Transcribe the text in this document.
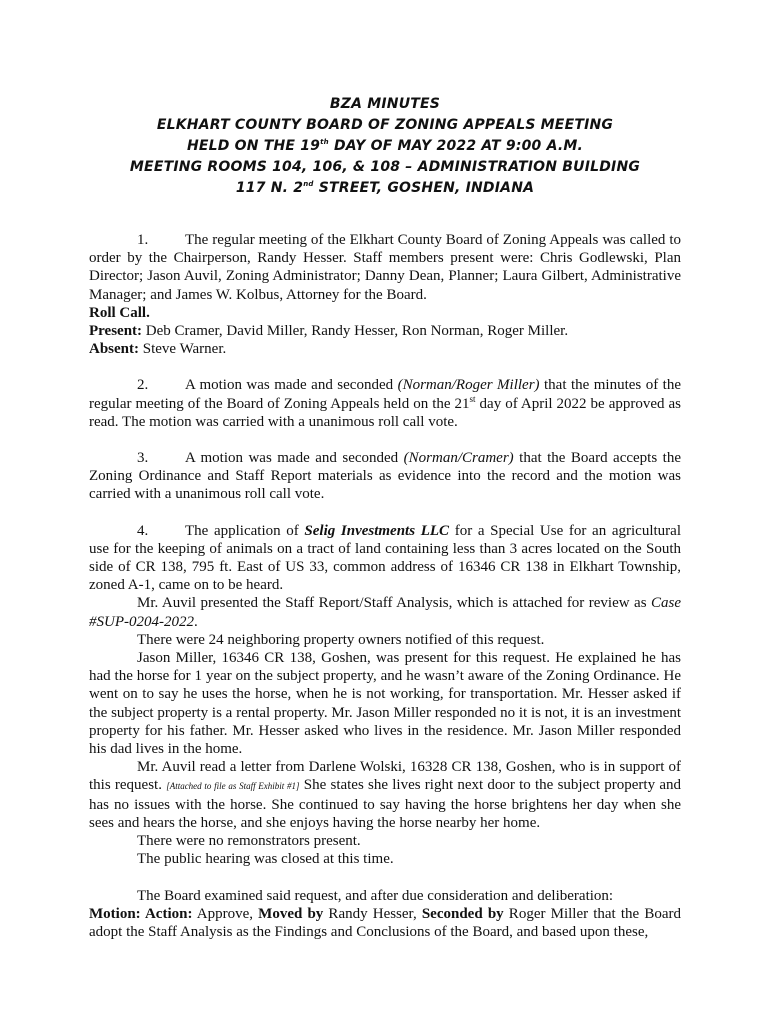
BZA MINUTES
ELKHART COUNTY BOARD OF ZONING APPEALS MEETING
HELD ON THE 19th DAY OF MAY 2022 AT 9:00 A.M.
MEETING ROOMS 104, 106, & 108 – ADMINISTRATION BUILDING
117 N. 2nd STREET, GOSHEN, INDIANA

1. The regular meeting of the Elkhart County Board of Zoning Appeals was called to order by the Chairperson, Randy Hesser. Staff members present were: Chris Godlewski, Plan Director; Jason Auvil, Zoning Administrator; Danny Dean, Planner; Laura Gilbert, Administrative Manager; and James W. Kolbus, Attorney for the Board.

Roll Call.

Present: Deb Cramer, David Miller, Randy Hesser, Ron Norman, Roger Miller.

Absent: Steve Warner.

2. A motion was made and seconded (Norman/Roger Miller) that the minutes of the regular meeting of the Board of Zoning Appeals held on the 21st day of April 2022 be approved as read. The motion was carried with a unanimous roll call vote.

3. A motion was made and seconded (Norman/Cramer) that the Board accepts the Zoning Ordinance and Staff Report materials as evidence into the record and the motion was carried with a unanimous roll call vote.

4. The application of Selig Investments LLC for a Special Use for an agricultural use for the keeping of animals on a tract of land containing less than 3 acres located on the South side of CR 138, 795 ft. East of US 33, common address of 16346 CR 138 in Elkhart Township, zoned A-1, came on to be heard.

Mr. Auvil presented the Staff Report/Staff Analysis, which is attached for review as Case #SUP-0204-2022.

There were 24 neighboring property owners notified of this request.

Jason Miller, 16346 CR 138, Goshen, was present for this request. He explained he has had the horse for 1 year on the subject property, and he wasn’t aware of the Zoning Ordinance. He went on to say he uses the horse, when he is not working, for transportation. Mr. Hesser asked if the subject property is a rental property. Mr. Jason Miller responded no it is not, it is an investment property for his father. Mr. Hesser asked who lives in the residence. Mr. Jason Miller responded his dad lives in the home.

Mr. Auvil read a letter from Darlene Wolski, 16328 CR 138, Goshen, who is in support of this request. [Attached to file as Staff Exhibit #1] She states she lives right next door to the subject property and has no issues with the horse. She continued to say having the horse brightens her day when she sees and hears the horse, and she enjoys having the horse nearby her home.

There were no remonstrators present.

The public hearing was closed at this time.

The Board examined said request, and after due consideration and deliberation:

Motion: Action: Approve, Moved by Randy Hesser, Seconded by Roger Miller that the Board adopt the Staff Analysis as the Findings and Conclusions of the Board, and based upon these,
